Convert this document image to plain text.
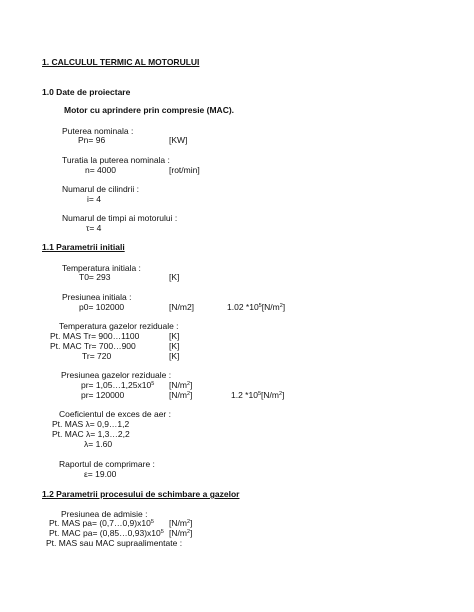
1. CALCULUL TERMIC AL MOTORULUI
1.0 Date de proiectare
Motor cu aprindere prin compresie (MAC).
Puterea nominala :
Pn= 96	[KW]
Turatia la puterea nominala :
n= 4000	[rot/min]
Numarul de cilindrii :
i= 4
Numarul de timpi ai motorului :
τ= 4
1.1 Parametrii initiali
Temperatura initiala :
T0= 293	[K]
Presiunea initiala :
p0= 102000	[N/m2]	1.02 $*10^5[N/m^2]$
Temperatura gazelor reziduale :
Pt. MAS Tr= 900…1100	[K]
Pt. MAC Tr= 700…900	[K]
Tr= 720	[K]
Presiunea gazelor reziduale :
$pr= 1,05\dots 1,25x10^5$ $[N/m^2]$
pr= 120000	$[N/m^2]$	1.2 $*10^5[N/m^2]$
Coeficientul de exces de aer :
Pt. MAS λ= 0,9…1,2
Pt. MAC λ= 1,3…2,2
λ= 1.60
Raportul de comprimare :
ε= 19.00
1.2 Parametrii procesului de schimbare a gazelor
Presiunea de admisie :
Pt. MAS $pa= (0,7\dots 0,9)x10^5$ $[N/m^2]$
Pt. MAC $pa= (0,85\dots 0,93)x10^5$ $[N/m^2]$
Pt. MAS sau MAC supraalimentate :
